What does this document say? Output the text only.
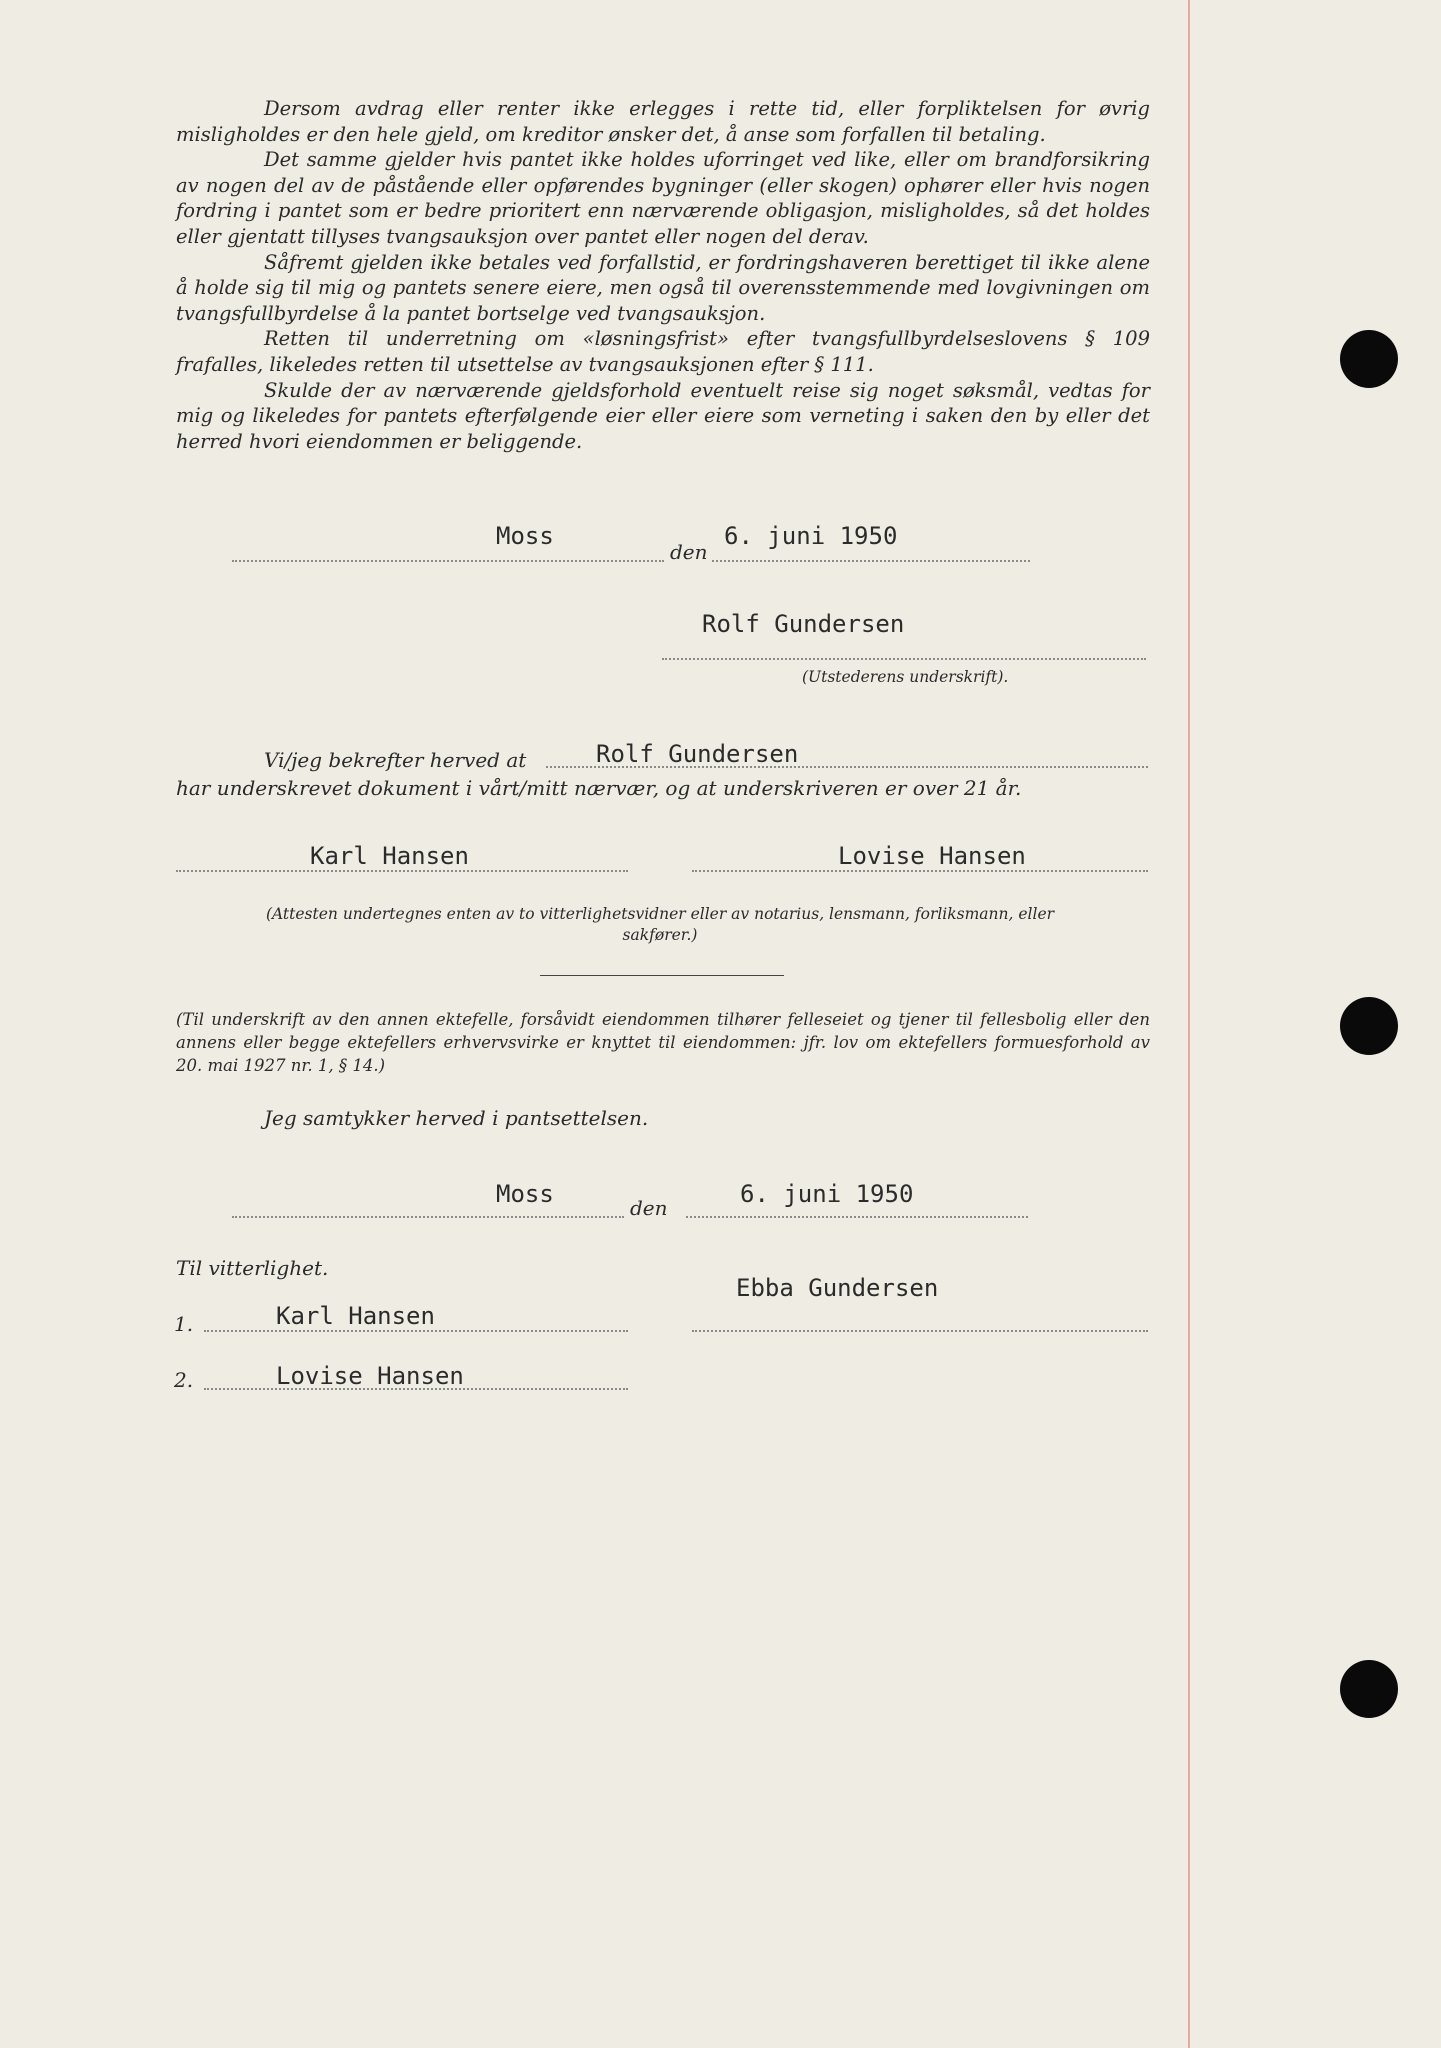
Dersom avdrag eller renter ikke erlegges i rette tid, eller forpliktelsen for øvrig misligholdes er den hele gjeld, om kreditor ønsker det, å anse som forfallen til betaling.

Det samme gjelder hvis pantet ikke holdes uforringet ved like, eller om brandforsikring av nogen del av de påstående eller opførendes bygninger (eller skogen) ophører eller hvis nogen fordring i pantet som er bedre prioritert enn nærværende obligasjon, misligholdes, så det holdes eller gjentatt tillyses tvangsauksjon over pantet eller nogen del derav.

Såfremt gjelden ikke betales ved forfallstid, er fordringshaveren berettiget til ikke alene å holde sig til mig og pantets senere eiere, men også til overensstemmende med lovgivningen om tvangsfullbyrdelse å la pantet bortselge ved tvangsauksjon.

Retten til underretning om «løsningsfrist» efter tvangsfullbyrdelseslovens § 109 frafalles, likeledes retten til utsettelse av tvangsauksjonen efter § 111.

Skulde der av nærværende gjeldsforhold eventuelt reise sig noget søksmål, vedtas for mig og likeledes for pantets efterfølgende eier eller eiere som verneting i saken den by eller det herred hvori eiendommen er beliggende.

Moss
den
6. juni 1950
Rolf Gundersen
(Utstederens underskrift).
Vi/jeg bekrefter herved at	Rolf Gundersen
har underskrevet dokument i vårt/mitt nærvær, og at underskriveren er over 21 år.
Karl Hansen	Lovise Hansen
(Attesten undertegnes enten av to vitterlighetsvidner eller av notarius, lensmann, forliksmann, eller sakfører.)
(Til underskrift av den annen ektefelle, forsåvidt eiendommen tilhører felleseiet og tjener til fellesbolig eller den annens eller begge ektefellers erhvervsvirke er knyttet til eiendommen: jfr. lov om ektefellers formuesforhold av 20. mai 1927 nr. 1, § 14.)
Jeg samtykker herved i pantsettelsen.
Moss	den	6. juni 1950
Til vitterlighet.
Ebba Gundersen
1.	Karl Hansen
2.	Lovise Hansen
